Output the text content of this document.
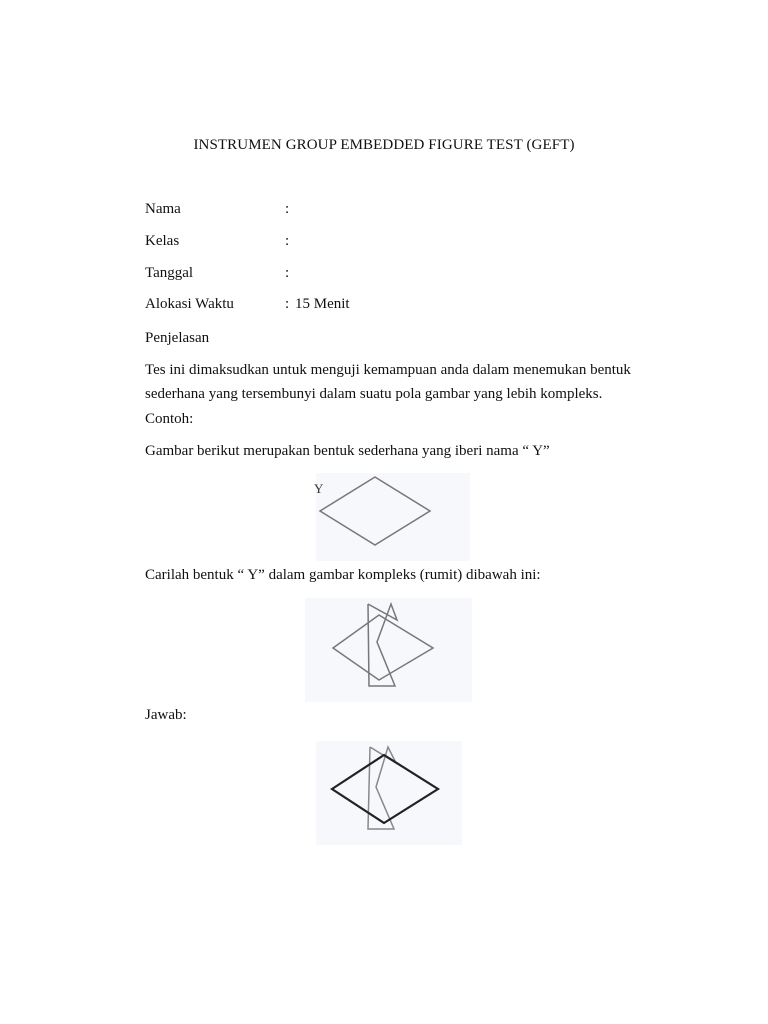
INSTRUMEN GROUP EMBEDDED FIGURE TEST (GEFT)
Nama	:
Kelas	:
Tanggal	:
Alokasi Waktu	: 15 Menit
Penjelasan
Tes ini dimaksudkan untuk menguji kemampuan anda dalam menemukan bentuk sederhana yang tersembunyi dalam suatu pola gambar yang lebih kompleks.
Contoh:
Gambar berikut merupakan bentuk sederhana yang iberi nama “ Y”
Y
Carilah bentuk “ Y” dalam gambar kompleks (rumit) dibawah ini:
Jawab:
